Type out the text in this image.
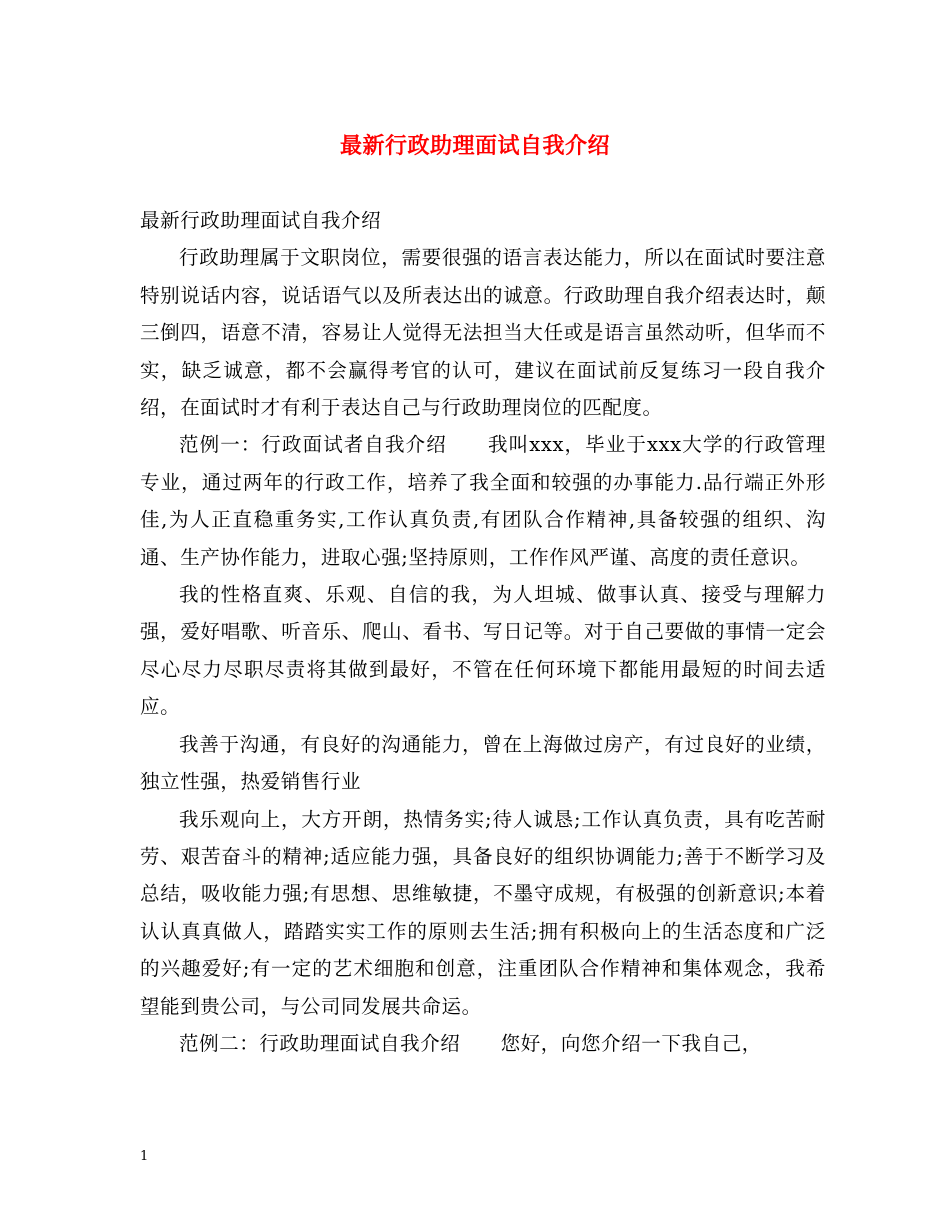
最新行政助理面试自我介绍

最新行政助理面试自我介绍

行政助理属于文职岗位，需要很强的语言表达能力，所以在面试时要注意特别说话内容，说话语气以及所表达出的诚意。行政助理自我介绍表达时，颠三倒四，语意不清，容易让人觉得无法担当大任或是语言虽然动听，但华而不实，缺乏诚意，都不会赢得考官的认可，建议在面试前反复练习一段自我介绍，在面试时才有利于表达自己与行政助理岗位的匹配度。

范例一：行政面试者自我介绍　　我叫xxx，毕业于xxx大学的行政管理专业，通过两年的行政工作，培养了我全面和较强的办事能力.品行端正外形佳,为人正直稳重务实,工作认真负责,有团队合作精神,具备较强的组织、沟通、生产协作能力，进取心强;坚持原则，工作作风严谨、高度的责任意识。

我的性格直爽、乐观、自信的我，为人坦城、做事认真、接受与理解力强，爱好唱歌、听音乐、爬山、看书、写日记等。对于自己要做的事情一定会尽心尽力尽职尽责将其做到最好，不管在任何环境下都能用最短的时间去适应。

我善于沟通，有良好的沟通能力，曾在上海做过房产，有过良好的业绩，独立性强，热爱销售行业

我乐观向上，大方开朗，热情务实;待人诚恳;工作认真负责，具有吃苦耐劳、艰苦奋斗的精神;适应能力强，具备良好的组织协调能力;善于不断学习及总结，吸收能力强;有思想、思维敏捷，不墨守成规，有极强的创新意识;本着认认真真做人，踏踏实实工作的原则去生活;拥有积极向上的生活态度和广泛的兴趣爱好;有一定的艺术细胞和创意，注重团队合作精神和集体观念，我希望能到贵公司，与公司同发展共命运。

范例二：行政助理面试自我介绍　　您好，向您介绍一下我自己，

1
